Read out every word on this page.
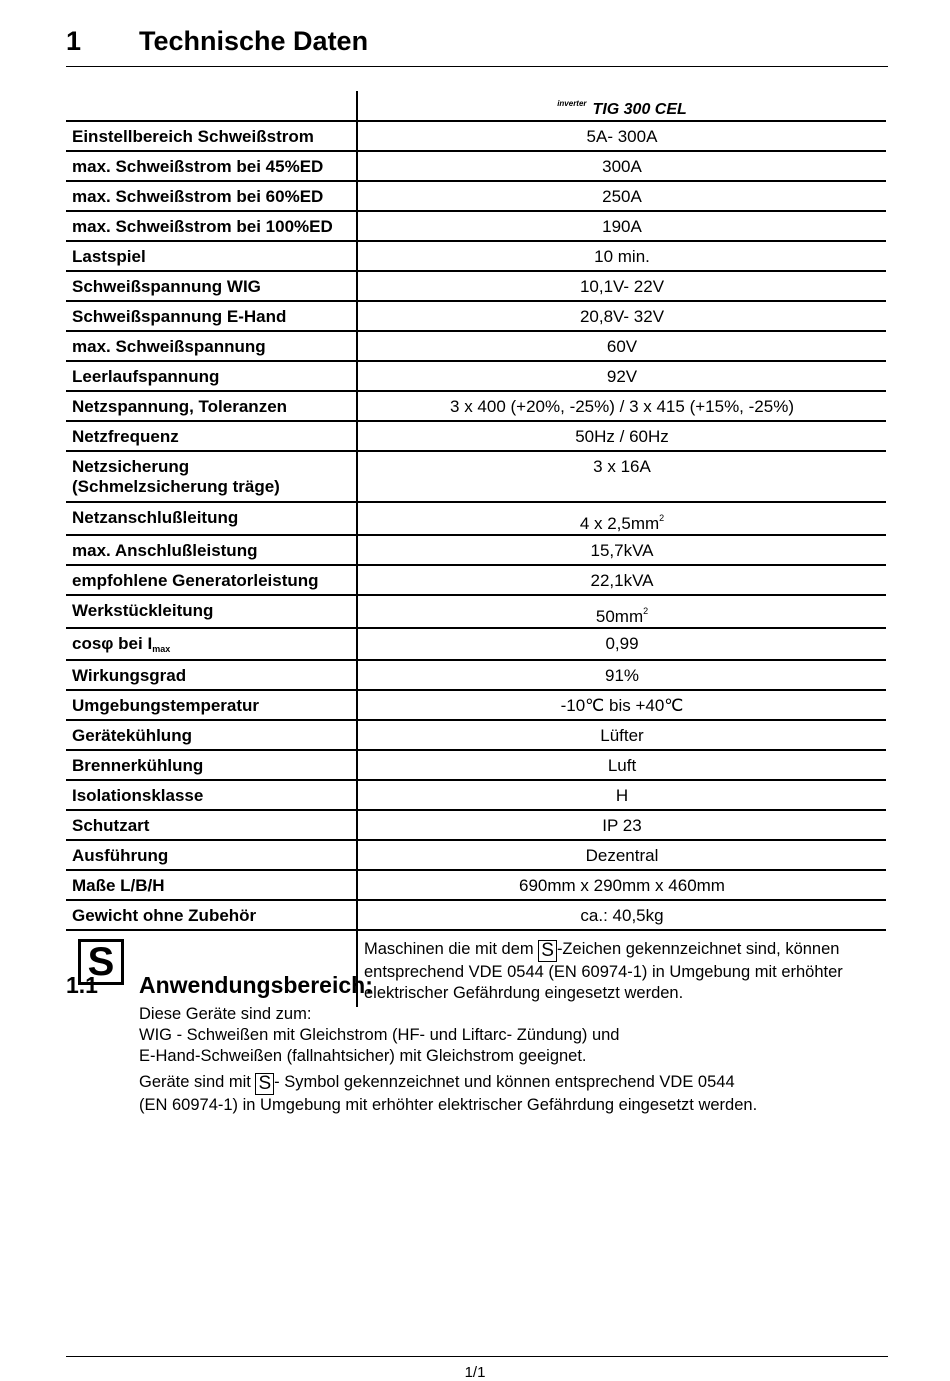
1 Technische Daten
	$^{inverter}$ TIG 300 CEL
Einstellbereich Schweißstrom	5A- 300A
max. Schweißstrom bei 45%ED	300A
max. Schweißstrom bei 60%ED	250A
max. Schweißstrom bei 100%ED	190A
Lastspiel	10 min.
Schweißspannung WIG	10,1V- 22V
Schweißspannung E-Hand	20,8V- 32V
max. Schweißspannung	60V
Leerlaufspannung	92V
Netzspannung, Toleranzen	3 x 400 (+20%, -25%) / 3 x 415 (+15%, -25%)
Netzfrequenz	50Hz / 60Hz

Netzsicherung
(Schmelzsicherung träge)	3 x 16A
Netzanschlußleitung	4 x $2,5mm^2$
max. Anschlußleistung	15,7kVA
empfohlene Generatorleistung	22,1kVA
Werkstückleitung	$50mm^2$
cosφ bei $I_{max}$	0,99
Wirkungsgrad	91%
Umgebungstemperatur	-10℃ bis +40℃
Gerätekühlung	Lüfter
Brennerkühlung	Luft
Isolationsklasse	H
Schutzart	IP 23
Ausführung	Dezentral
Maße L/B/H	690mm x 290mm x 460mm
Gewicht ohne Zubehör	ca.: 40,5kg
S	Maschinen die mit dem S -Zeichen gekennzeichnet sind, können
entsprechend VDE 0544 (EN 60974-1) in Umgebung mit erhöhter
elektrischer Gefährdung eingesetzt werden.
1.1 Anwendungsbereich:

Diese Geräte sind zum:

WIG - Schweißen mit Gleichstrom (HF- und Liftarc- Zündung) und

E-Hand-Schweißen (fallnahtsicher) mit Gleichstrom geeignet.

Geräte sind mit S - Symbol gekennzeichnet und können entsprechend VDE 0544

(EN 60974-1) in Umgebung mit erhöhter elektrischer Gefährdung eingesetzt werden.

1/1
